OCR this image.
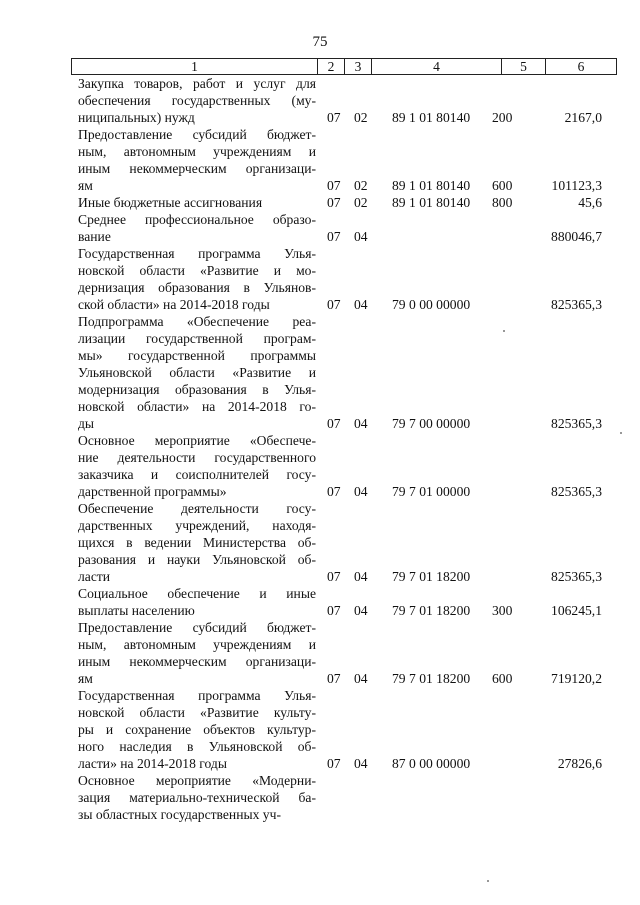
75
1	2	3	4	5	6
Закупка товаров, работ и услуг для
обеспечения государственных (му-
ниципальных) нужд	07 02	89 1 01 80140	200	2167,0
Предоставление субсидий бюджет-
ным, автономным учреждениям и
иным некоммерческим организаци-
ям	07 02	89 1 01 80140	600	101123,3
Иные бюджетные ассигнования	07 02	89 1 01 80140	800	45,6
Среднее профессиональное образо-
вание	07 04	880046,7
Государственная программа Улья-
новской области «Развитие и мо-
дернизация образования в Ульянов-
ской области» на 2014-2018 годы	07 04	79 0 00 00000	825365,3
Подпрограмма «Обеспечение реа-
лизации государственной програм-
мы» государственной программы
Ульяновской области «Развитие и
модернизация образования в Улья-
новской области» на 2014-2018 го-
ды	07 04	79 7 00 00000	825365,3
Основное мероприятие «Обеспече-
ние деятельности государственного
заказчика и соисполнителей госу-
дарственной программы»	07 04	79 7 01 00000	825365,3
Обеспечение деятельности госу-
дарственных учреждений, находя-
щихся в ведении Министерства об-
разования и науки Ульяновской об-
ласти	07 04	79 7 01 18200	825365,3
Социальное обеспечение и иные
выплаты населению	07 04	79 7 01 18200	300	106245,1
Предоставление субсидий бюджет-
ным, автономным учреждениям и
иным некоммерческим организаци-
ям	07 04	79 7 01 18200	600	719120,2
Государственная программа Улья-
новской области «Развитие культу-
ры и сохранение объектов культур-
ного наследия в Ульяновской об-
ласти» на 2014-2018 годы	07 04	87 0 00 00000	27826,6
Основное мероприятие «Модерни-
зация материально-технической ба-
зы областных государственных уч-
